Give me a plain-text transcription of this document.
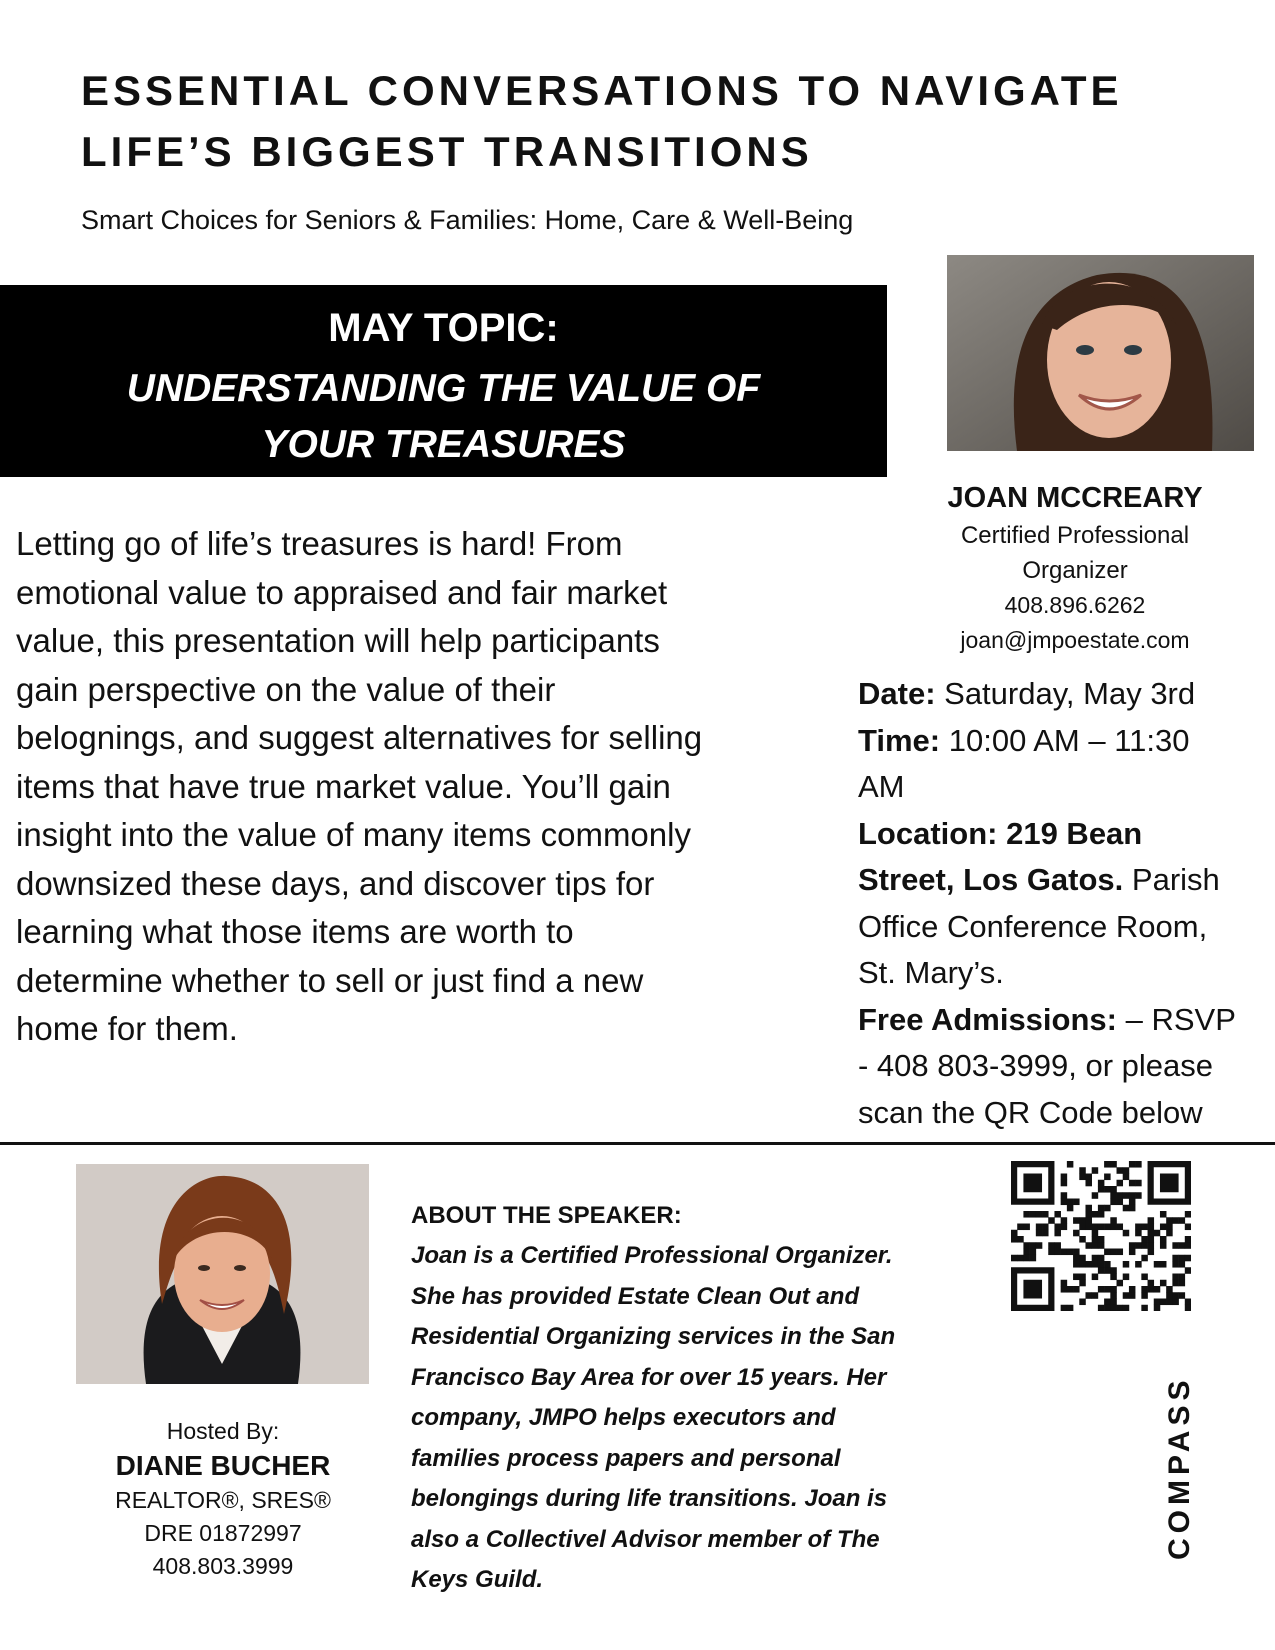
ESSENTIAL CONVERSATIONS TO NAVIGATE
LIFE’S BIGGEST TRANSITIONS
Smart Choices for Seniors & Families: Home, Care & Well-Being
MAY TOPIC:
UNDERSTANDING THE VALUE OF
YOUR TREASURES
JOAN MCCREARY
Certified Professional
Organizer
408.896.6262
joan@jmpoestate.com
Letting go of life’s treasures is hard! From
emotional value to appraised and fair market
value, this presentation will help participants
gain perspective on the value of their
belognings, and suggest alternatives for selling
items that have true market value. You’ll gain
insight into the value of many items commonly
downsized these days, and discover tips for
learning what those items are worth to
determine whether to sell or just find a new
home for them.
Date: Saturday, May 3rd
Time: 10:00 AM – 11:30
AM
Location: 219 Bean
Street, Los Gatos. Parish
Office Conference Room,
St. Mary’s.
Free Admissions: – RSVP
- 408 803-3999, or please
scan the QR Code below
ABOUT THE SPEAKER:
Joan is a Certified Professional Organizer.
She has provided Estate Clean Out and
Residential Organizing services in the San
Francisco Bay Area for over 15 years. Her
company, JMPO helps executors and
families process papers and personal
belongings during life transitions. Joan is
also a Collectivel Advisor member of The
Keys Guild.
Hosted By:
DIANE BUCHER
REALTOR®, SRES®
DRE 01872997
408.803.3999
COMPASS
